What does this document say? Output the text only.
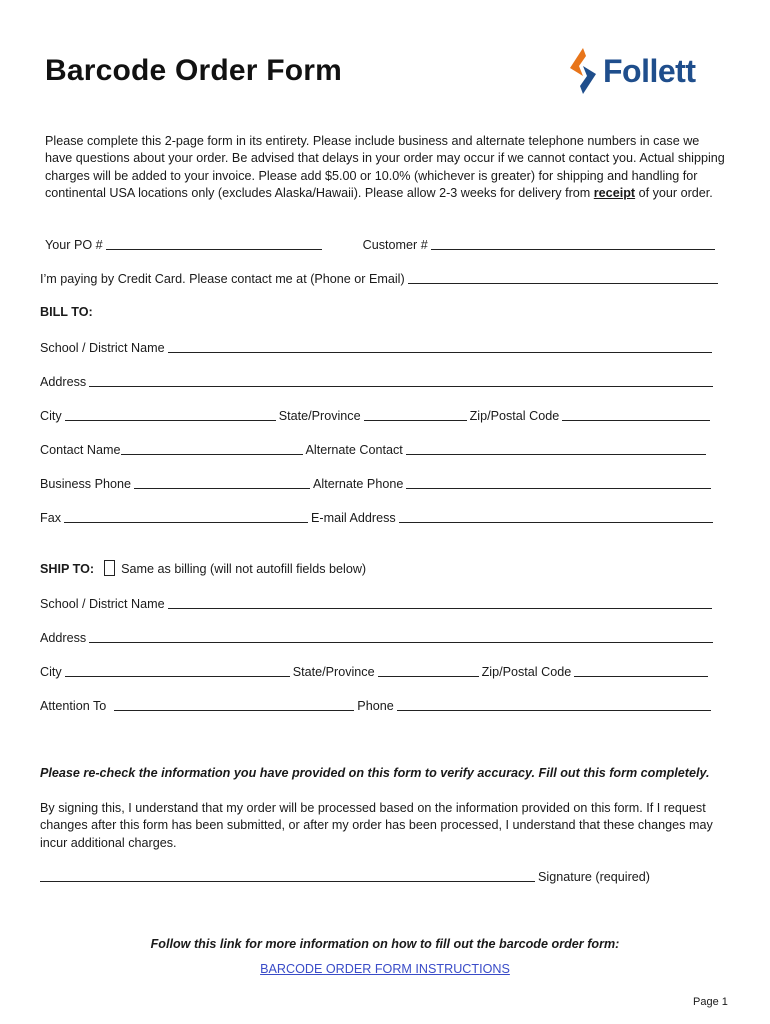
Barcode Order Form	Follett
Please complete this 2-page form in its entirety. Please include business and alternate telephone numbers in case we have questions about your order. Be advised that delays in your order may occur if we cannot contact you. Actual shipping charges will be added to your invoice. Please add $5.00 or 10.0% (whichever is greater) for shipping and handling for continental USA locations only (excludes Alaska/Hawaii). Please allow 2-3 weeks for delivery from receipt of your order.
Your PO #	Customer #
I’m paying by Credit Card. Please contact me at (Phone or Email)
BILL TO:
School / District Name
Address
City	State/Province	Zip/Postal Code
Contact Name	Alternate Contact
Business Phone	Alternate Phone
Fax	E-mail Address
SHIP TO: Same as billing (will not autofill fields below)
School / District Name
Address
City	State/Province	Zip/Postal Code
Attention To	Phone
Please re-check the information you have provided on this form to verify accuracy. Fill out this form completely.
By signing this, I understand that my order will be processed based on the information provided on this form. If I request changes after this form has been submitted, or after my order has been processed, I understand that these changes may incur additional charges.
Signature (required)
Follow this link for more information on how to fill out the barcode order form:
BARCODE ORDER FORM INSTRUCTIONS
Page 1
